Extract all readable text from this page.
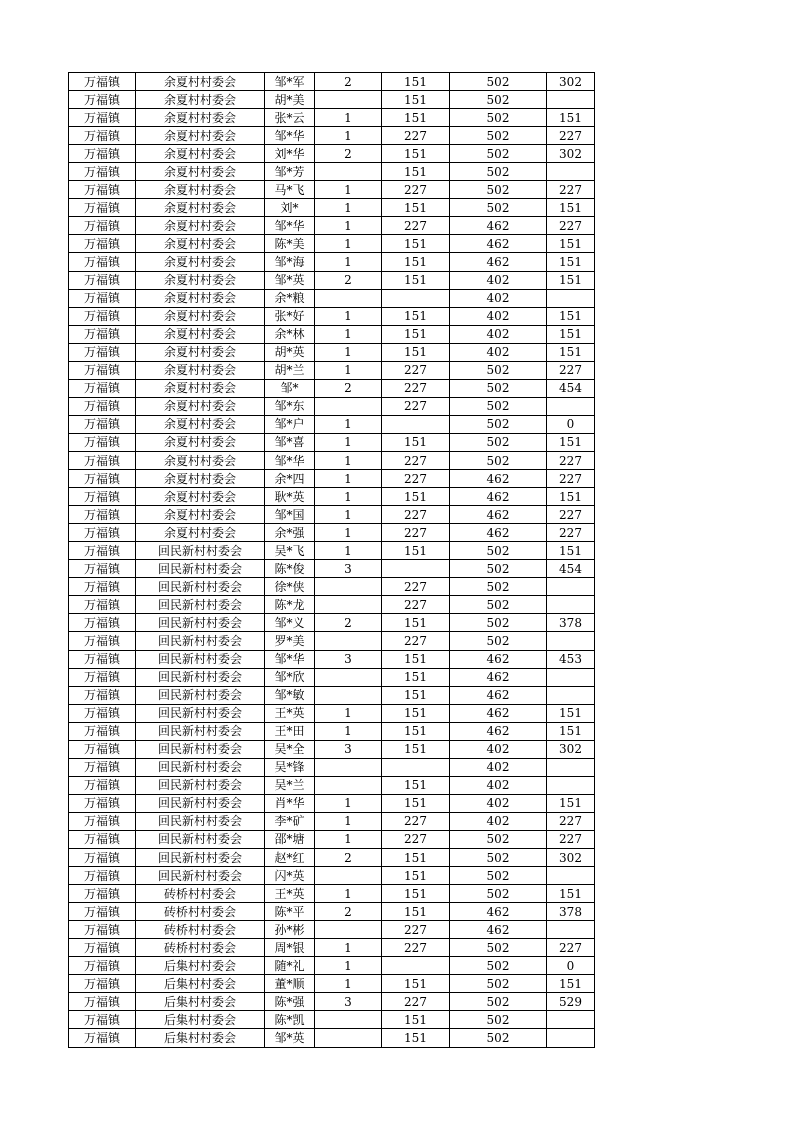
万福镇	余夏村村委会	邹*军	2	151	502	302
万福镇	余夏村村委会	胡*美		151	502	
万福镇	余夏村村委会	张*云	1	151	502	151
万福镇	余夏村村委会	邹*华	1	227	502	227
万福镇	余夏村村委会	刘*华	2	151	502	302
万福镇	余夏村村委会	邹*芳		151	502	
万福镇	余夏村村委会	马*飞	1	227	502	227
万福镇	余夏村村委会	刘*	1	151	502	151
万福镇	余夏村村委会	邹*华	1	227	462	227
万福镇	余夏村村委会	陈*美	1	151	462	151
万福镇	余夏村村委会	邹*海	1	151	462	151
万福镇	余夏村村委会	邹*英	2	151	402	151
万福镇	余夏村村委会	余*粮			402	
万福镇	余夏村村委会	张*好	1	151	402	151
万福镇	余夏村村委会	余*林	1	151	402	151
万福镇	余夏村村委会	胡*英	1	151	402	151
万福镇	余夏村村委会	胡*兰	1	227	502	227
万福镇	余夏村村委会	邹*	2	227	502	454
万福镇	余夏村村委会	邹*东		227	502	
万福镇	余夏村村委会	邹*户	1		502	0
万福镇	余夏村村委会	邹*喜	1	151	502	151
万福镇	余夏村村委会	邹*华	1	227	502	227
万福镇	余夏村村委会	余*四	1	227	462	227
万福镇	余夏村村委会	耿*英	1	151	462	151
万福镇	余夏村村委会	邹*国	1	227	462	227
万福镇	余夏村村委会	余*强	1	227	462	227
万福镇	回民新村村委会	吴*飞	1	151	502	151
万福镇	回民新村村委会	陈*俊	3		502	454
万福镇	回民新村村委会	徐*侠		227	502	
万福镇	回民新村村委会	陈*龙		227	502	
万福镇	回民新村村委会	邹*义	2	151	502	378
万福镇	回民新村村委会	罗*美		227	502	
万福镇	回民新村村委会	邹*华	3	151	462	453
万福镇	回民新村村委会	邹*欣		151	462	
万福镇	回民新村村委会	邹*敏		151	462	
万福镇	回民新村村委会	王*英	1	151	462	151
万福镇	回民新村村委会	王*田	1	151	462	151
万福镇	回民新村村委会	吴*全	3	151	402	302
万福镇	回民新村村委会	吴*锋			402	
万福镇	回民新村村委会	吴*兰		151	402	
万福镇	回民新村村委会	肖*华	1	151	402	151
万福镇	回民新村村委会	李*矿	1	227	402	227
万福镇	回民新村村委会	邵*塘	1	227	502	227
万福镇	回民新村村委会	赵*红	2	151	502	302
万福镇	回民新村村委会	闪*英		151	502	
万福镇	砖桥村村委会	王*英	1	151	502	151
万福镇	砖桥村村委会	陈*平	2	151	462	378
万福镇	砖桥村村委会	孙*彬		227	462	
万福镇	砖桥村村委会	周*银	1	227	502	227
万福镇	后集村村委会	随*礼	1		502	0
万福镇	后集村村委会	董*顺	1	151	502	151
万福镇	后集村村委会	陈*强	3	227	502	529
万福镇	后集村村委会	陈*凯		151	502	
万福镇	后集村村委会	邹*英		151	502	
